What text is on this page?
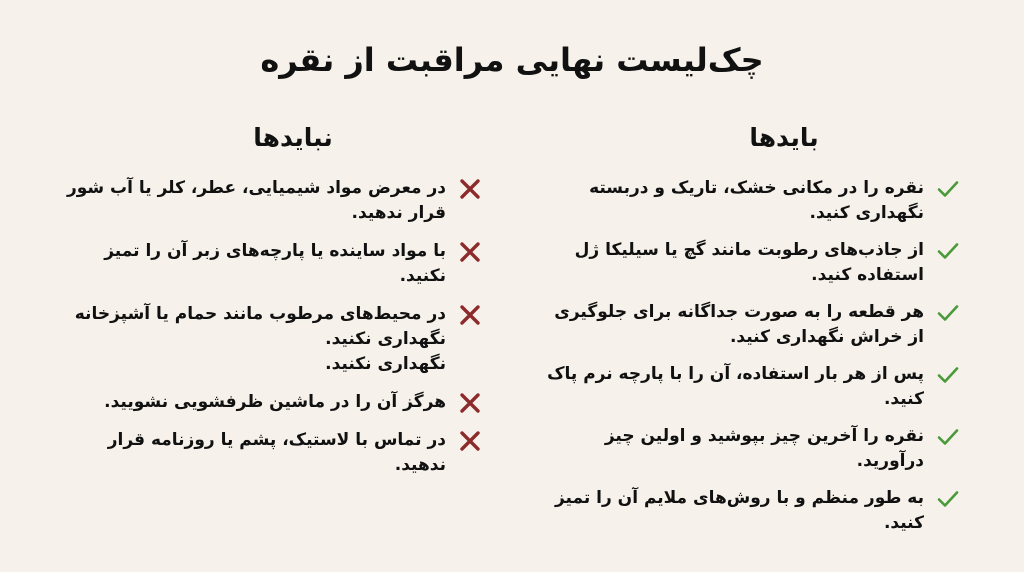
چک‌لیست نهایی مراقبت از نقره
بایدها
نقره را در مکانی خشک، تاریک و دربسته نگهداری کنید.
از جاذب‌های رطوبت مانند گچ یا سیلیکا ژل استفاده کنید.
هر قطعه را به صورت جداگانه برای جلوگیری از خراش نگهداری کنید.
پس از هر بار استفاده، آن را با پارچه نرم پاک کنید.
نقره را آخرین چیز بپوشید و اولین چیز درآورید.
به طور منظم و با روش‌های ملایم آن را تمیز کنید.
نبایدها
در معرض مواد شیمیایی، عطر، کلر یا آب شور قرار ندهید.
با مواد ساینده یا پارچه‌های زبر آن را تمیز نکنید.
در محیط‌های مرطوب مانند حمام یا آشپزخانه نگهداری نکنید.
نگهداری نکنید.
هرگز آن را در ماشین ظرفشویی نشویید.
در تماس با لاستیک، پشم یا روزنامه قرار ندهید.
